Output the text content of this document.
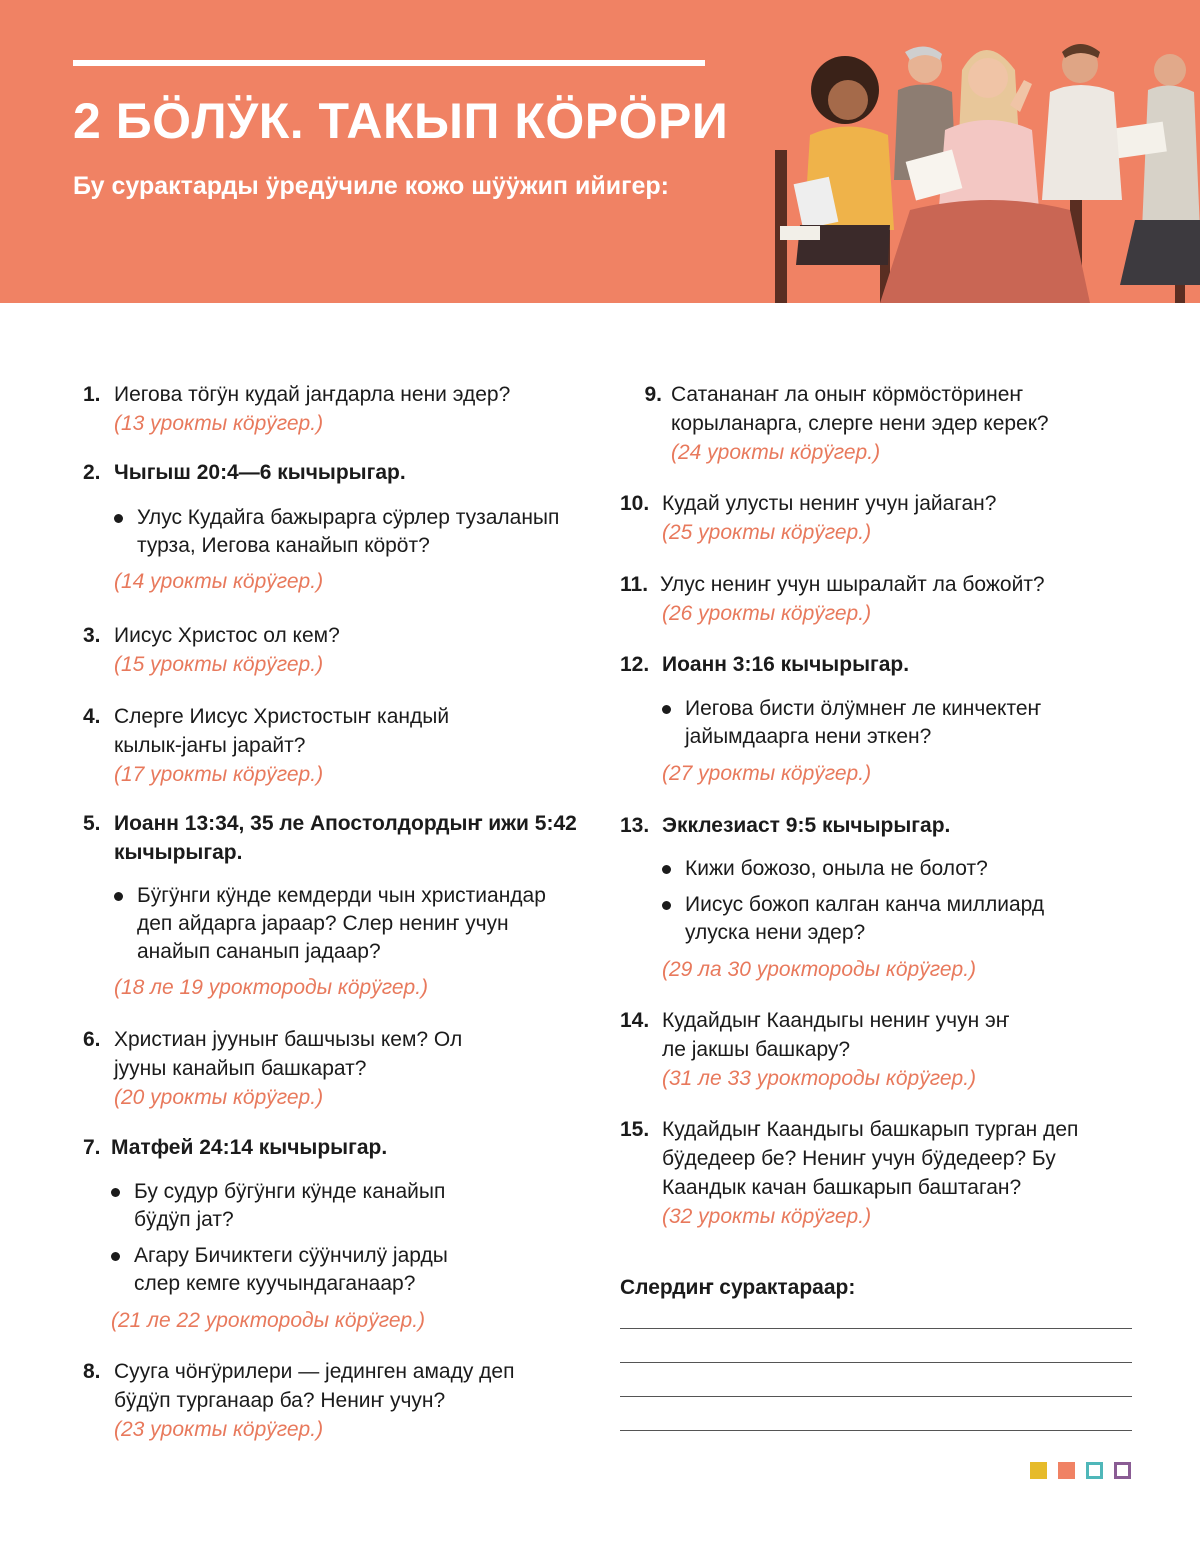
2 БӦЛӰК. ТАКЫП КӦРӦРИ

Бу сурактарды ӱредӱчиле кожо шӱӱжип ийигер:

1. Иегова тӧгӱн кудай јаҥдарла нени эдер?
(13 урокты кӧрӱгер.)
2. Чыгыш 20:4—6 кычырыгар.
Улус Кудайга бажырарга сӱрлер тузаланып турза, Иегова канайып кӧрӧт?
(14 урокты кӧрӱгер.)
3. Иисус Христос ол кем?
(15 урокты кӧрӱгер.)
4. Слерге Иисус Христостыҥ кандый кылык-јаҥы јарайт?
(17 урокты кӧрӱгер.)
5. Иоанн 13:34, 35 ле Апостолдордыҥ ижи 5:42 кычырыгар.
Бӱгӱнги кӱнде кемдерди чын христиандар деп айдарга јараар? Слер нениҥ учун анайып сананып јадаар?
(18 ле 19 уроктороды кӧрӱгер.)
6. Христиан јууныҥ башчызы кем? Ол јууны канайып башкарат?
(20 урокты кӧрӱгер.)
7. Матфей 24:14 кычырыгар.
Бу судур бӱгӱнги кӱнде канайып бӱдӱп јат?
Агару Бичиктеги сӱӱнчилӱ јарды слер кемге куучындаганаар?
(21 ле 22 уроктороды кӧрӱгер.)
8. Сууга чӧҥӱрилери — јединген амаду деп бӱдӱп турганаар ба? Нениҥ учун?
(23 урокты кӧрӱгер.)
9. Сатананаҥ ла оныҥ кӧрмӧстӧринеҥ корыланарга, слерге нени эдер керек?
(24 урокты кӧрӱгер.)
10. Кудай улусты нениҥ учун јайаган?
(25 урокты кӧрӱгер.)
11. Улус нениҥ учун шыралайт ла божойт?
(26 урокты кӧрӱгер.)
12. Иоанн 3:16 кычырыгар.
Иегова бисти ӧлӱмнеҥ ле кинчектеҥ јайымдаарга нени эткен?
(27 урокты кӧрӱгер.)
13. Экклезиаст 9:5 кычырыгар.
Кижи божозо, оныла не болот?
Иисус божоп калган канча миллиард улуска нени эдер?
(29 ла 30 уроктороды кӧрӱгер.)
14. Кудайдыҥ Каандыгы нениҥ учун эҥ ле јакшы башкару?
(31 ле 33 уроктороды кӧрӱгер.)
15. Кудайдыҥ Каандыгы башкарып турган деп бӱдедеер бе? Нениҥ учун бӱдедеер? Бу Каандык качан башкарып баштаган?
(32 урокты кӧрӱгер.)

Слердиҥ сурактараар:
